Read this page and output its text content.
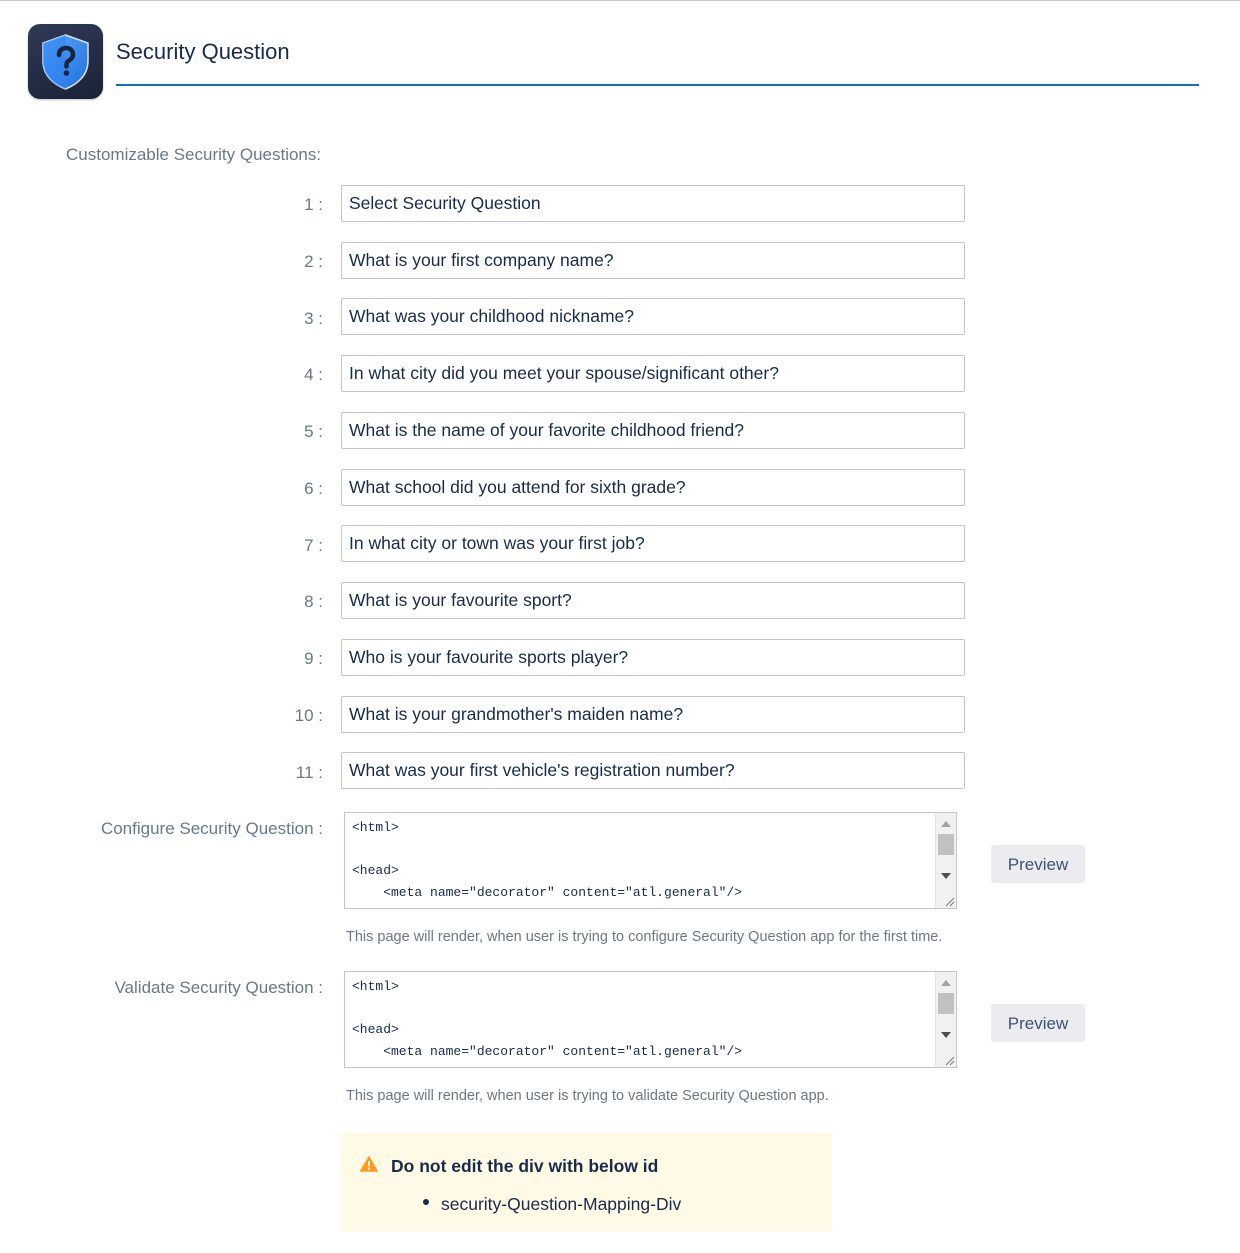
Security Question
Customizable Security Questions:
1 :	Select Security Question
2 :	What is your first company name?
3 :	What was your childhood nickname?
4 :	In what city did you meet your spouse/significant other?
5 :	What is the name of your favorite childhood friend?
6 :	What school did you attend for sixth grade?
7 :	In what city or town was your first job?
8 :	What is your favourite sport?
9 :	Who is your favourite sports player?
10 :	What is your grandmother's maiden name?
11 :	What was your first vehicle's registration number?
Configure Security Question : <html>

<head>
<meta name="decorator" content="atl.general"/>
Preview
This page will render, when user is trying to configure Security Question app for the first time.
Validate Security Question : <html>

<head>
<meta name="decorator" content="atl.general"/>
Preview
This page will render, when user is trying to validate Security Question app.
Do not edit the div with below id
security-Question-Mapping-Div
